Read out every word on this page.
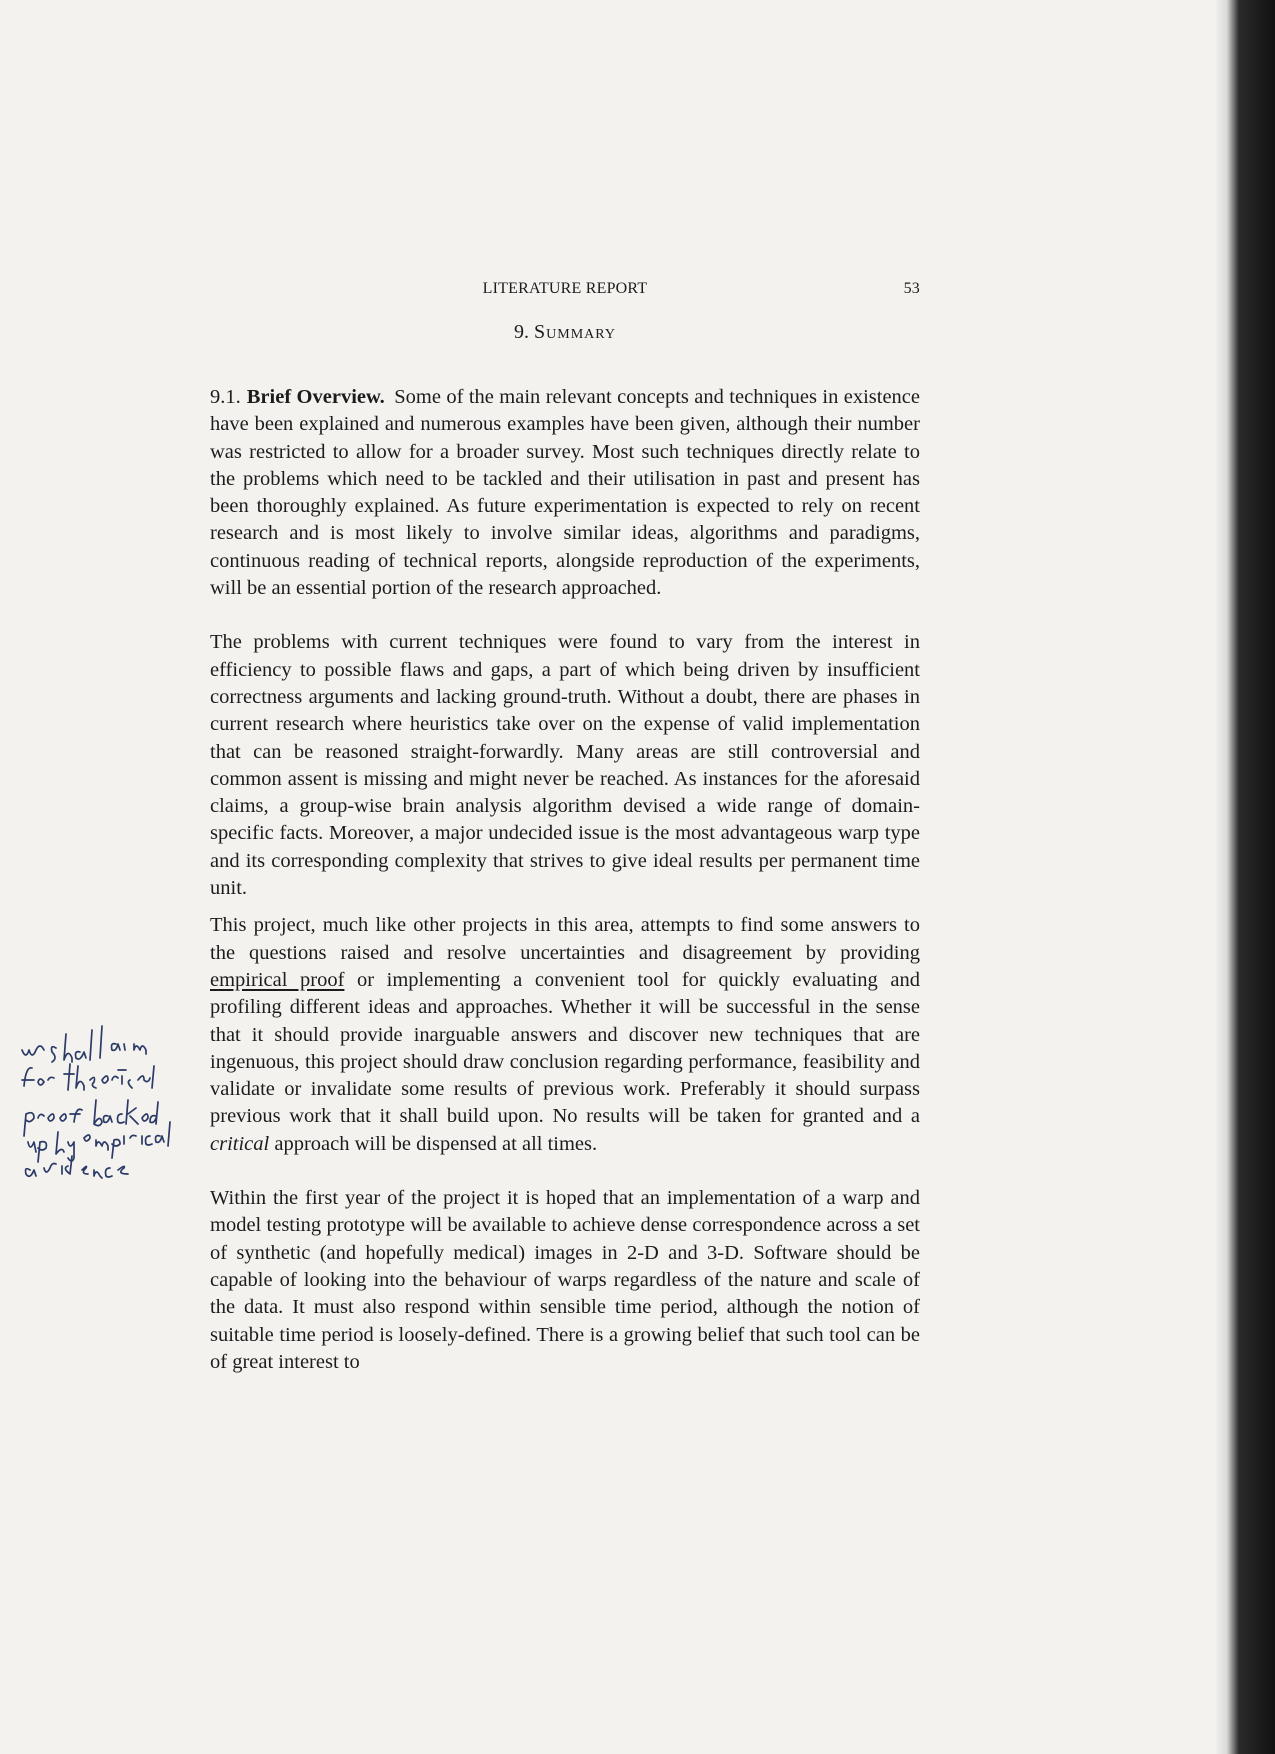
LITERATURE REPORT	53
9. Summary

9.1. Brief Overview. Some of the main relevant concepts and techniques in existence have been explained and numerous examples have been given, although their number was restricted to allow for a broader survey. Most such techniques directly relate to the problems which need to be tackled and their utilisation in past and present has been thoroughly explained. As future experimentation is expected to rely on recent research and is most likely to involve similar ideas, algorithms and paradigms, continuous reading of technical reports, alongside reproduction of the experiments, will be an essential portion of the research approached.

The problems with current techniques were found to vary from the interest in efficiency to possible flaws and gaps, a part of which being driven by insufficient correctness arguments and lacking ground-truth. Without a doubt, there are phases in current research where heuristics take over on the expense of valid implementation that can be reasoned straight-forwardly. Many areas are still controversial and common assent is missing and might never be reached. As instances for the aforesaid claims, a group-wise brain analysis algorithm devised a wide range of domain-specific facts. Moreover, a major undecided issue is the most advantageous warp type and its corresponding complexity that strives to give ideal results per permanent time unit.

This project, much like other projects in this area, attempts to find some answers to the questions raised and resolve uncertainties and disagreement by providing empirical proof or implementing a convenient tool for quickly evaluating and profiling different ideas and approaches. Whether it will be successful in the sense that it should provide inarguable answers and discover new techniques that are ingenuous, this project should draw conclusion regarding performance, feasibility and validate or invalidate some results of previous work. Preferably it should surpass previous work that it shall build upon. No results will be taken for granted and a critical approach will be dispensed at all times.

Within the first year of the project it is hoped that an implementation of a warp and model testing prototype will be available to achieve dense correspondence across a set of synthetic (and hopefully medical) images in 2-D and 3-D. Software should be capable of looking into the behaviour of warps regardless of the nature and scale of the data. It must also respond within sensible time period, although the notion of suitable time period is loosely-defined. There is a growing belief that such tool can be of great interest to
